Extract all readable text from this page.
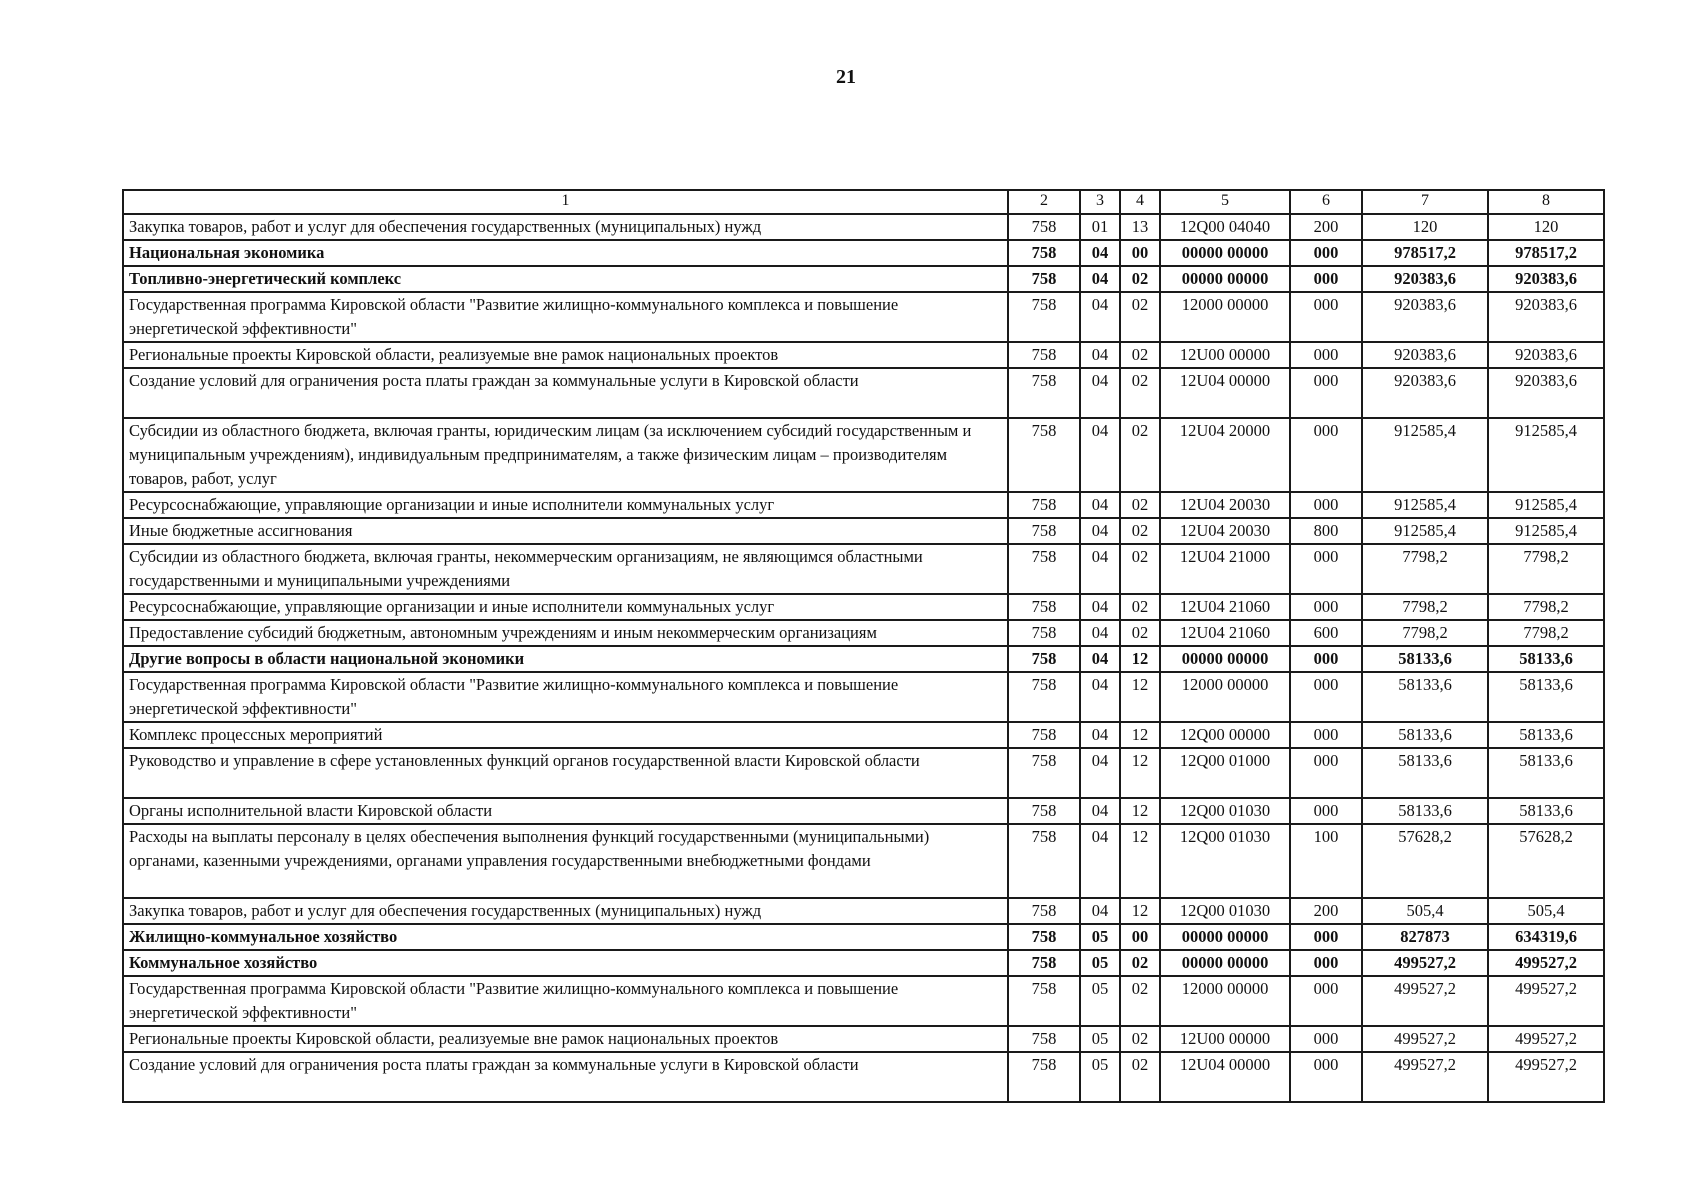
21
1	2	3	4	5	6	7	8
Закупка товаров, работ и услуг для обеспечения государственных (муниципальных) нужд	758	01	13	12Q00 04040	200	120	120
Национальная экономика	758	04	00	00000 00000	000	978517,2	978517,2
Топливно-энергетический комплекс	758	04	02	00000 00000	000	920383,6	920383,6
Государственная программа Кировской области "Развитие жилищно-коммунального комплекса и повышение энергетической эффективности"	758	04	02	12000 00000	000	920383,6	920383,6
Региональные проекты Кировской области, реализуемые вне рамок национальных проектов	758	04	02	12U00 00000	000	920383,6	920383,6
Создание условий для ограничения роста платы граждан за коммунальные услуги в Кировской области	758	04	02	12U04 00000	000	920383,6	920383,6
Субсидии из областного бюджета, включая гранты, юридическим лицам (за исключением субсидий государственным и муниципальным учреждениям), индивидуальным предпринимателям, а также физическим лицам – производителям товаров, работ, услуг	758	04	02	12U04 20000	000	912585,4	912585,4
Ресурсоснабжающие, управляющие организации и иные исполнители коммунальных услуг	758	04	02	12U04 20030	000	912585,4	912585,4
Иные бюджетные ассигнования	758	04	02	12U04 20030	800	912585,4	912585,4
Субсидии из областного бюджета, включая гранты, некоммерческим организациям, не являющимся областными государственными и муниципальными учреждениями	758	04	02	12U04 21000	000	7798,2	7798,2
Ресурсоснабжающие, управляющие организации и иные исполнители коммунальных услуг	758	04	02	12U04 21060	000	7798,2	7798,2
Предоставление субсидий бюджетным, автономным учреждениям и иным некоммерческим организациям	758	04	02	12U04 21060	600	7798,2	7798,2
Другие вопросы в области национальной экономики	758	04	12	00000 00000	000	58133,6	58133,6
Государственная программа Кировской области "Развитие жилищно-коммунального комплекса и повышение энергетической эффективности"	758	04	12	12000 00000	000	58133,6	58133,6
Комплекс процессных мероприятий	758	04	12	12Q00 00000	000	58133,6	58133,6
Руководство и управление в сфере установленных функций органов государственной власти Кировской области	758	04	12	12Q00 01000	000	58133,6	58133,6
Органы исполнительной власти Кировской области	758	04	12	12Q00 01030	000	58133,6	58133,6
Расходы на выплаты персоналу в целях обеспечения выполнения функций государственными (муниципальными) органами, казенными учреждениями, органами управления государственными внебюджетными фондами	758	04	12	12Q00 01030	100	57628,2	57628,2
Закупка товаров, работ и услуг для обеспечения государственных (муниципальных) нужд	758	04	12	12Q00 01030	200	505,4	505,4
Жилищно-коммунальное хозяйство	758	05	00	00000 00000	000	827873	634319,6
Коммунальное хозяйство	758	05	02	00000 00000	000	499527,2	499527,2
Государственная программа Кировской области "Развитие жилищно-коммунального комплекса и повышение энергетической эффективности"	758	05	02	12000 00000	000	499527,2	499527,2
Региональные проекты Кировской области, реализуемые вне рамок национальных проектов	758	05	02	12U00 00000	000	499527,2	499527,2
Создание условий для ограничения роста платы граждан за коммунальные услуги в Кировской области	758	05	02	12U04 00000	000	499527,2	499527,2
